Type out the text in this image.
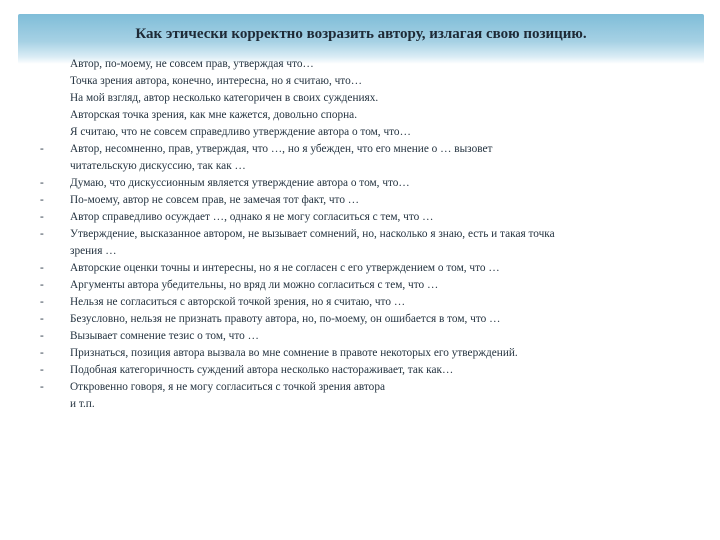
Как этически корректно возразить автору, излагая свою позицию.
Автор, по-моему, не совсем прав, утверждая что…
Точка зрения автора, конечно, интересна, но я считаю, что…
На мой взгляд, автор несколько категоричен в своих суждениях.
Авторская точка зрения, как мне кажется, довольно спорна.
Я считаю, что не совсем справедливо утверждение автора о том, что…
-	Автор, несомненно, прав, утверждая, что …, но я убежден, что его мнение о … вызовет
читательскую дискуссию, так как …
-	Думаю, что дискуссионным является утверждение автора о том, что…
-	По-моему, автор не совсем прав, не замечая тот факт, что …
-	Автор справедливо осуждает …, однако я не могу согласиться с тем, что …
-	Утверждение, высказанное автором, не вызывает сомнений, но, насколько я знаю, есть и такая точка
зрения …
-	Авторские оценки точны и интересны, но я не согласен с его утверждением о том, что …
-	Аргументы автора убедительны, но вряд ли можно согласиться с тем, что …
-	Нельзя не согласиться с авторской точкой зрения, но я считаю, что …
-	Безусловно, нельзя не признать правоту автора, но, по-моему, он ошибается в том, что …
-	Вызывает сомнение тезис о том, что …
-	Признаться, позиция автора вызвала во мне сомнение в правоте некоторых его утверждений.
-	Подобная категоричность суждений автора несколько настораживает, так как…
-	Откровенно говоря, я не могу согласиться с точкой зрения автора
и т.п.
